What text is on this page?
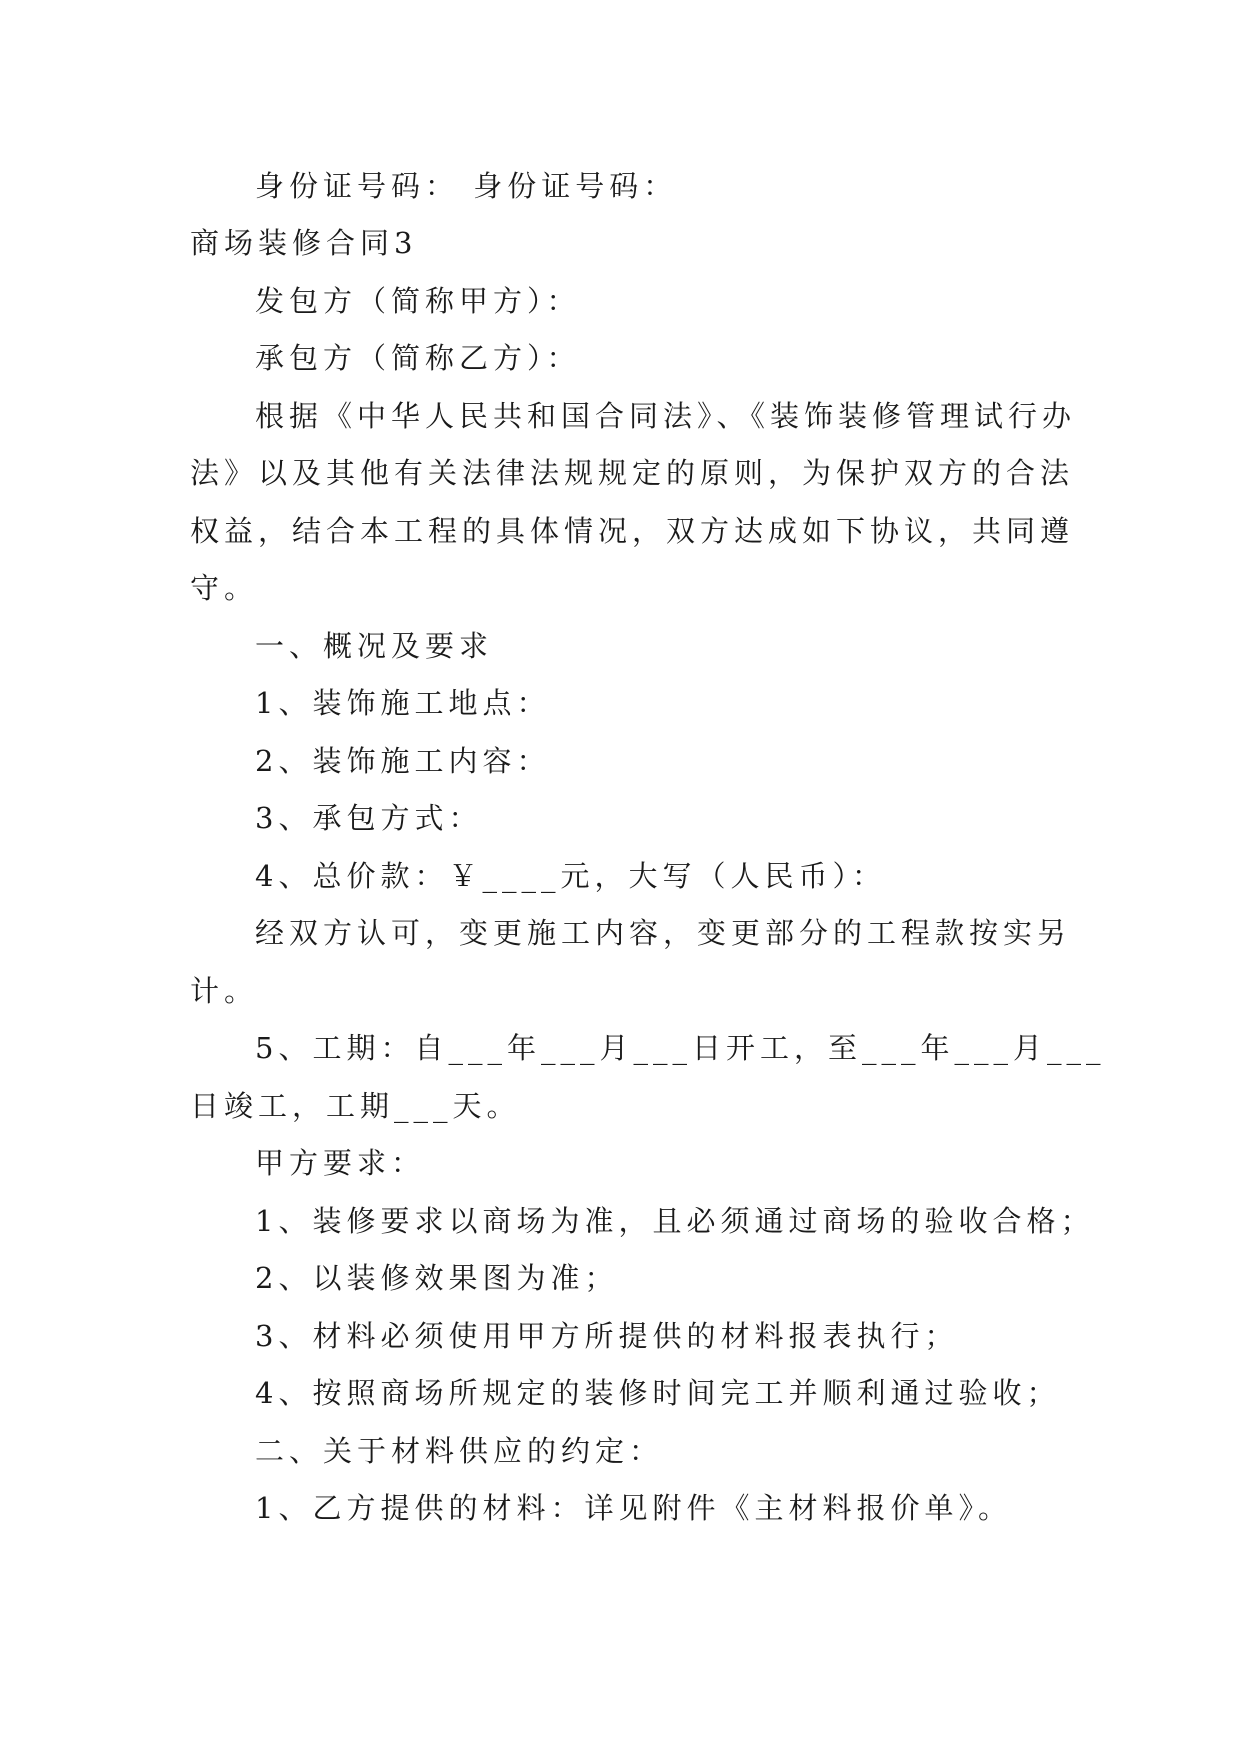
身份证号码： 身份证号码：
商场装修合同3
发包方（简称甲方）：
承包方（简称乙方）：
根据《中华人民共和国合同法》、《装饰装修管理试行办
法》以及其他有关法律法规规定的原则，为保护双方的合法
权益，结合本工程的具体情况，双方达成如下协议，共同遵
守。
一、概况及要求
1、装饰施工地点：
2、装饰施工内容：
3、承包方式：
4、总价款：￥____元，大写（人民币）：
经双方认可，变更施工内容，变更部分的工程款按实另
计。
5、工期：自___年___月___日开工，至___年___月___
日竣工，工期___天。
甲方要求：
1、装修要求以商场为准，且必须通过商场的验收合格；
2、以装修效果图为准；
3、材料必须使用甲方所提供的材料报表执行；
4、按照商场所规定的装修时间完工并顺利通过验收；
二、关于材料供应的约定：
1、乙方提供的材料：详见附件《主材料报价单》。
